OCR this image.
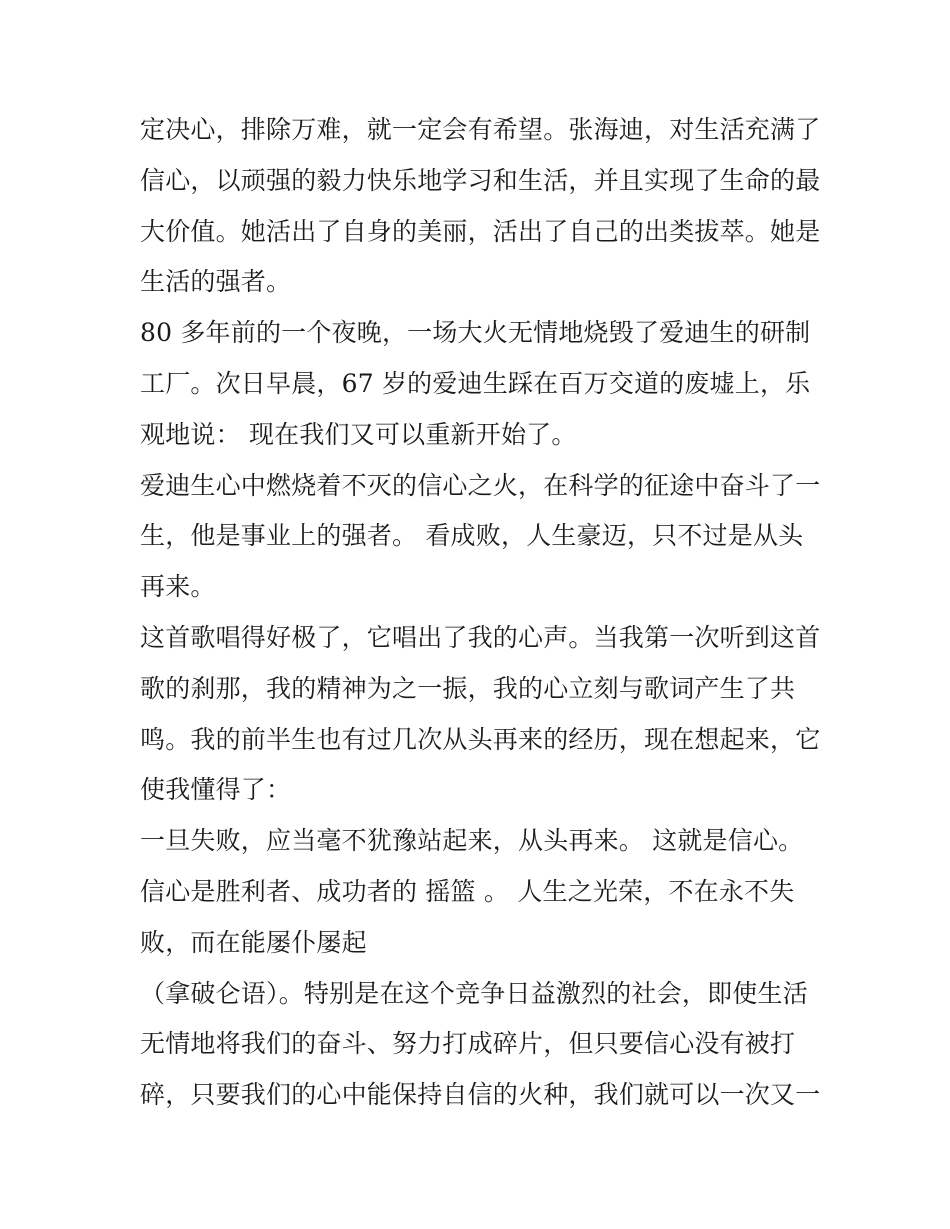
定决心，排除万难，就一定会有希望。张海迪，对生活充满了
信心，以顽强的毅力快乐地学习和生活，并且实现了生命的最
大价值。她活出了自身的美丽，活出了自己的出类拔萃。她是
生活的强者。
80 多年前的一个夜晚，一场大火无情地烧毁了爱迪生的研制
工厂。次日早晨，67 岁的爱迪生踩在百万交道的废墟上，乐
观地说： 现在我们又可以重新开始了。
爱迪生心中燃烧着不灭的信心之火，在科学的征途中奋斗了一
生，他是事业上的强者。 看成败，人生豪迈，只不过是从头
再来。
这首歌唱得好极了，它唱出了我的心声。当我第一次听到这首
歌的刹那，我的精神为之一振，我的心立刻与歌词产生了共
鸣。我的前半生也有过几次从头再来的经历，现在想起来，它
使我懂得了：
一旦失败，应当毫不犹豫站起来，从头再来。 这就是信心。
信心是胜利者、成功者的 摇篮 。 人生之光荣，不在永不失
败，而在能屡仆屡起
（拿破仑语）。特别是在这个竞争日益激烈的社会，即使生活
无情地将我们的奋斗、努力打成碎片，但只要信心没有被打
碎，只要我们的心中能保持自信的火种，我们就可以一次又一
